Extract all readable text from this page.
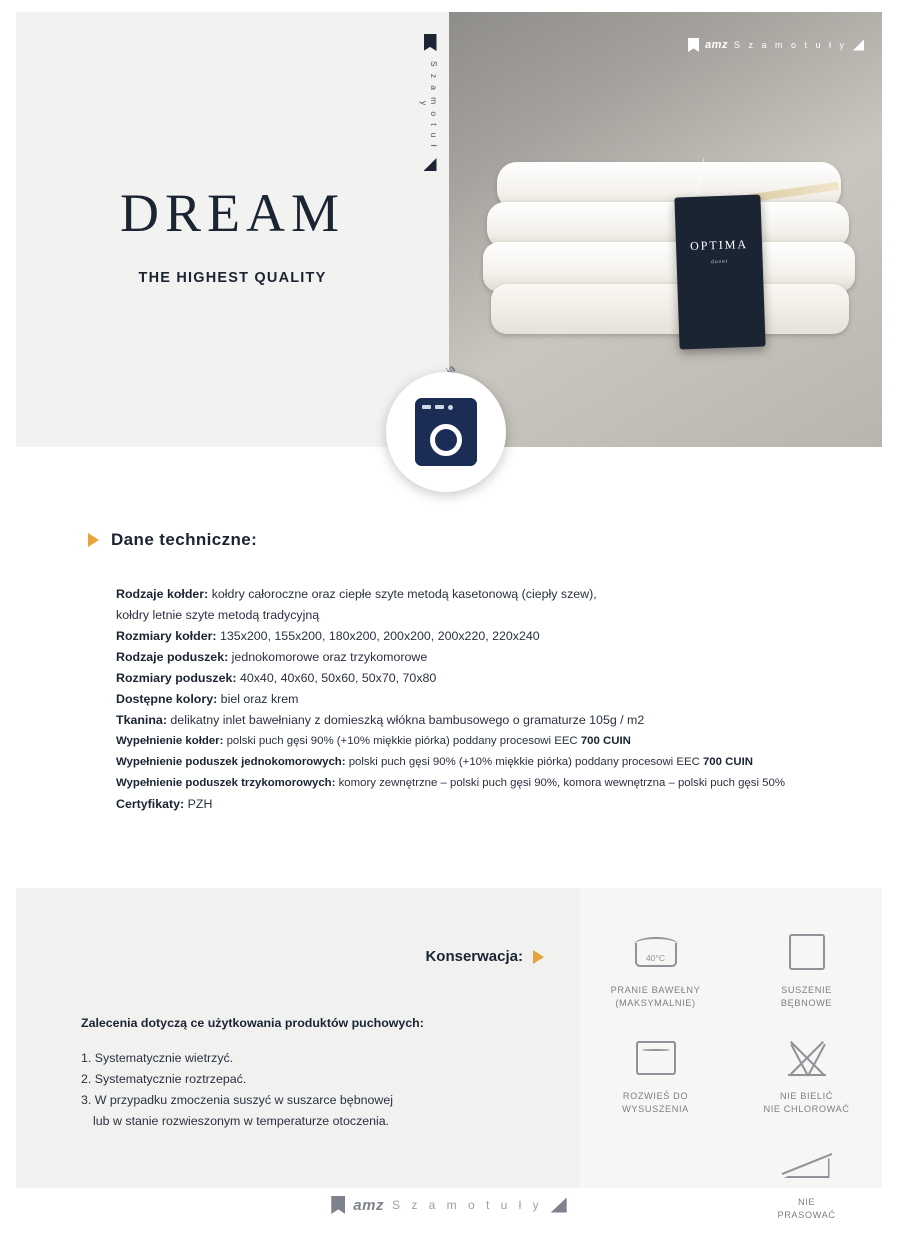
S z a m o t u ł y
DREAM
THE HIGHEST QUALITY
amz S z a m o t u ł y
OPTIMA
duvet
Dane techniczne:
Rodzaje kołder: kołdry całoroczne oraz ciepłe szyte metodą kasetonową (ciepły szew),
kołdry letnie szyte metodą tradycyjną
Rozmiary kołder: 135x200, 155x200, 180x200, 200x200, 200x220, 220x240
Rodzaje poduszek: jednokomorowe oraz trzykomorowe
Rozmiary poduszek: 40x40, 40x60, 50x60, 50x70, 70x80
Dostępne kolory: biel oraz krem
Tkanina: delikatny inlet bawełniany z domieszką włókna bambusowego o gramaturze 105g / m2
Wypełnienie kołder: polski puch gęsi 90% (+10% miękkie piórka) poddany procesowi EEC 700 CUIN
Wypełnienie poduszek jednokomorowych: polski puch gęsi 90% (+10% miękkie piórka) poddany procesowi EEC 700 CUIN
Wypełnienie poduszek trzykomorowych: komory zewnętrzne – polski puch gęsi 90%, komora wewnętrzna – polski puch gęsi 50%
Certyfikaty: PZH
Konserwacja:
Zalecenia dotyczą ce użytkowania produktów puchowych:
1. Systematycznie wietrzyć.
2. Systematycznie roztrzepać.
3. W przypadku zmoczenia suszyć w suszarce bębnowej
lub w stanie rozwieszonym w temperaturze otoczenia.
40°C
PRANIE BAWEŁNY
(MAKSYMALNIE)
SUSZENIE
BĘBNOWE
ROZWIEŚ DO
WYSUSZENIA
NIE BIELIĆ
NIE CHLOROWAĆ
NIE
PRASOWAĆ
amz S z a m o t u ł y
